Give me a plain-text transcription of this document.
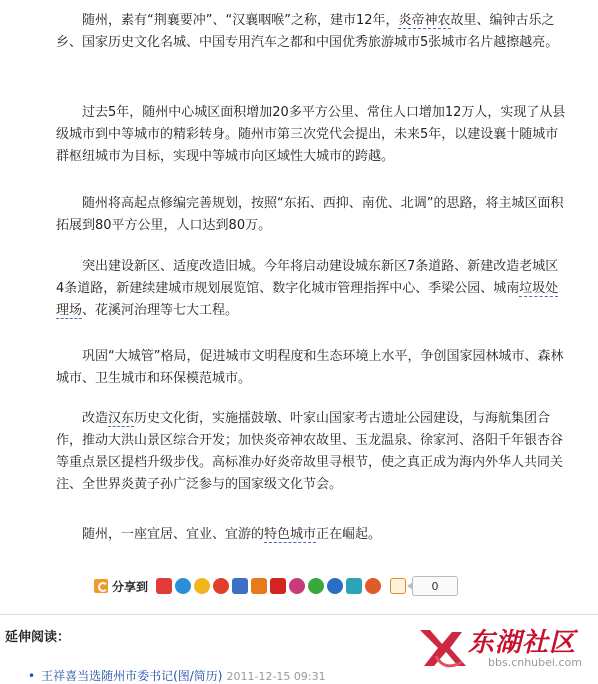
随州，素有“荆襄要冲”、“汉襄咽喉”之称，建市12年，炎帝神农故里、编钟古乐之乡、国家历史文化名城、中国专用汽车之都和中国优秀旅游城市5张城市名片越擦越亮。

过去5年，随州中心城区面积增加20多平方公里、常住人口增加12万人，实现了从县级城市到中等城市的精彩转身。随州市第三次党代会提出，未来5年，以建设襄十随城市群枢纽城市为目标，实现中等城市向区域性大城市的跨越。

随州将高起点修编完善规划，按照“东拓、西抑、南优、北调”的思路，将主城区面积拓展到80平方公里，人口达到80万。

突出建设新区、适度改造旧城。今年将启动建设城东新区7条道路、新建改造老城区4条道路，新建续建城市规划展览馆、数字化城市管理指挥中心、季梁公园、城南垃圾处理场、花溪河治理等七大工程。

巩固“大城管”格局，促进城市文明程度和生态环境上水平，争创国家园林城市、森林城市、卫生城市和环保模范城市。

改造汉东历史文化街，实施擂鼓墩、叶家山国家考古遗址公园建设，与海航集团合作，推动大洪山景区综合开发；加快炎帝神农故里、玉龙温泉、徐家河、洛阳千年银杏谷等重点景区提档升级步伐。高标准办好炎帝故里寻根节，使之真正成为海内外华人共同关注、全世界炎黄子孙广泛参与的国家级文化节会。

随州，一座宜居、宜业、宜游的特色城市正在崛起。

分享到	0
延伸阅读：
• 王祥喜当选随州市委书记(图/简历) 2011-12-15 09:31
东湖社区
bbs.cnhubei.com
